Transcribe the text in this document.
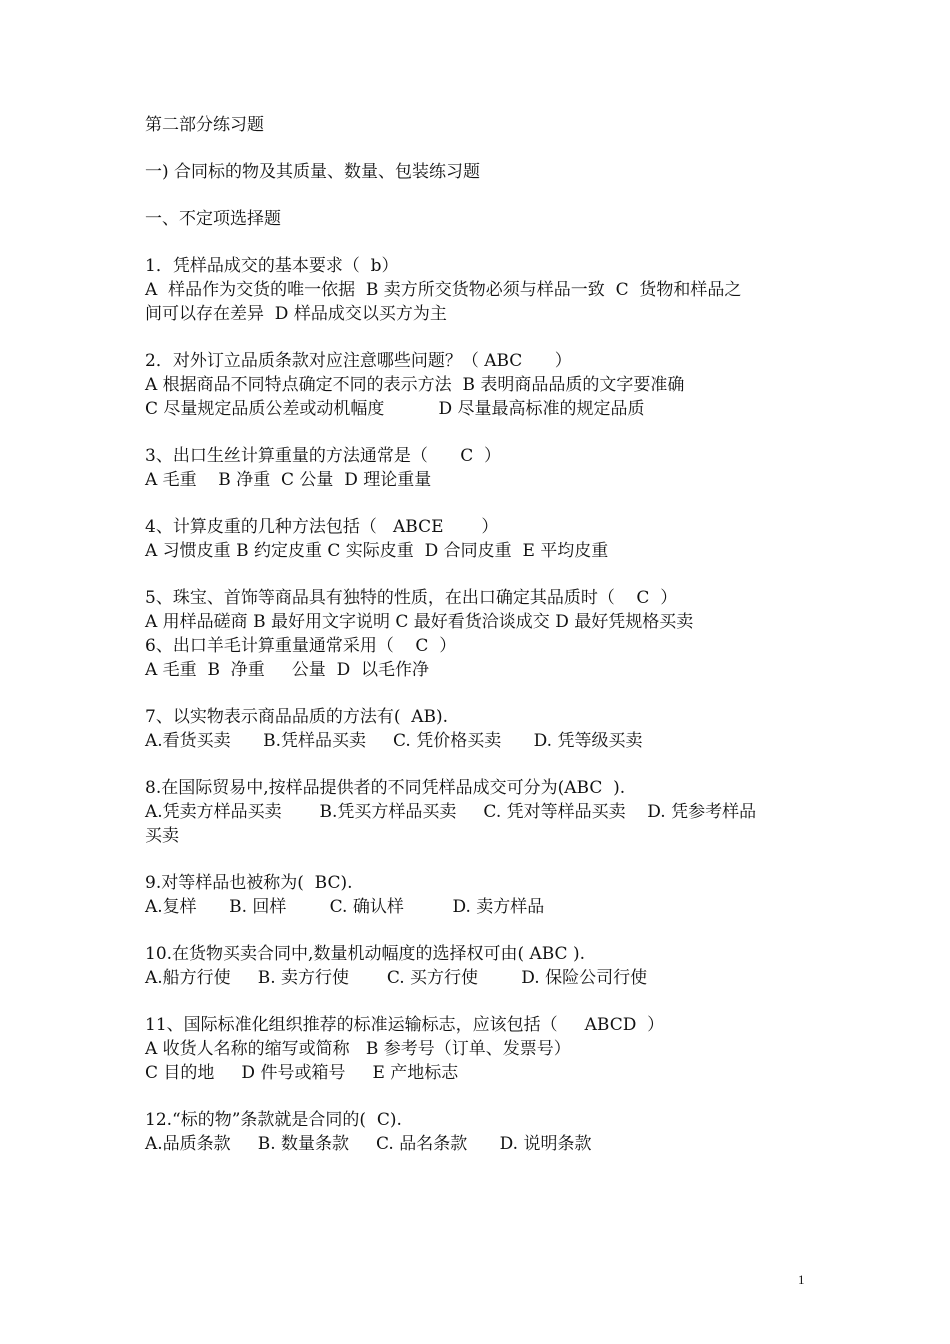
第二部分练习题
一) 合同标的物及其质量、数量、包装练习题
一、不定项选择题
1．凭样品成交的基本要求（  b）
A  样品作为交货的唯一依据  B 卖方所交货物必须与样品一致  C  货物和样品之
间可以存在差异  D 样品成交以买方为主
2．对外订立品质条款对应注意哪些问题？（ ABC      ）
A 根据商品不同特点确定不同的表示方法  B 表明商品品质的文字要准确
C 尽量规定品质公差或动机幅度          D 尽量最高标准的规定品质
3、出口生丝计算重量的方法通常是（      C  ）
A 毛重    B 净重  C 公量  D 理论重量
4、计算皮重的几种方法包括（   ABCE       ）
A 习惯皮重 B 约定皮重 C 实际皮重  D 合同皮重  E 平均皮重
5、珠宝、首饰等商品具有独特的性质，在出口确定其品质时（    C  ）
A 用样品磋商 B 最好用文字说明 C 最好看货洽谈成交 D 最好凭规格买卖
6、出口羊毛计算重量通常采用（    C  ）
A 毛重  B  净重     公量  D  以毛作净
7、以实物表示商品品质的方法有(  AB).
A.看货买卖      B.凭样品买卖     C. 凭价格买卖      D. 凭等级买卖
8.在国际贸易中,按样品提供者的不同凭样品成交可分为(ABC  ).
A.凭卖方样品买卖       B.凭买方样品买卖     C. 凭对等样品买卖    D. 凭参考样品
买卖
9.对等样品也被称为(  BC).
A.复样      B. 回样        C. 确认样         D. 卖方样品
10.在货物买卖合同中,数量机动幅度的选择权可由( ABC ).
A.船方行使     B. 卖方行使       C. 买方行使        D. 保险公司行使
11、国际标准化组织推荐的标准运输标志，应该包括（     ABCD  ）
A 收货人名称的缩写或简称   B 参考号（订单、发票号）
C 目的地     D 件号或箱号     E 产地标志
12.“标的物”条款就是合同的(  C).
A.品质条款     B. 数量条款     C. 品名条款      D. 说明条款
1
